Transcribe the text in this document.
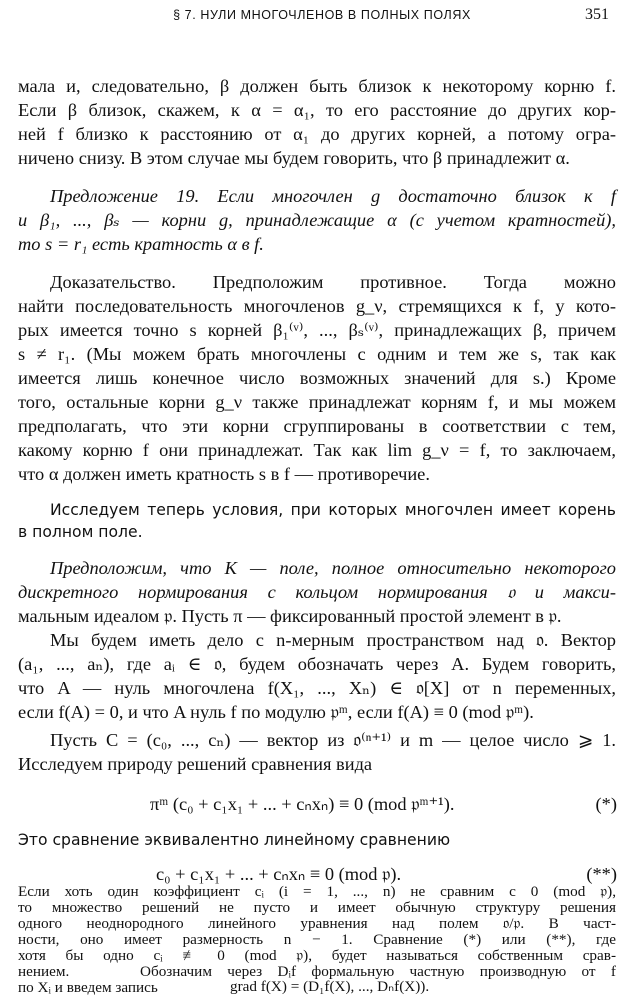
§ 7. НУЛИ МНОГОЧЛЕНОВ В ПОЛНЫХ ПОЛЯХ	351
мала и, следовательно, β должен быть близок к некоторому корню f.
Если β близок, скажем, к α = α₁, то его расстояние до других кор-
ней f близко к расстоянию от α₁ до других корней, а потому огра-
ничено снизу. В этом случае мы будем говорить, что β принадлежит α.
Предложение 19. Если многочлен g достаточно близок к f
и β₁, ..., βₛ — корни g, принадлежащие α (с учетом кратностей),
то s = r₁ есть кратность α в f.
Доказательство. Предположим противное. Тогда можно
найти последовательность многочленов g_ν, стремящихся к f, у кото-
рых имеется точно s корней β₁⁽ᵛ⁾, ..., βₛ⁽ᵛ⁾, принадлежащих β, причем
s ≠ r₁. (Мы можем брать многочлены с одним и тем же s, так как
имеется лишь конечное число возможных значений для s.) Кроме
того, остальные корни g_ν также принадлежат корням f, и мы можем
предполагать, что эти корни сгруппированы в соответствии с тем,
какому корню f они принадлежат. Так как lim g_ν = f, то заключаем,
что α должен иметь кратность s в f — противоречие.
Исследуем теперь условия, при которых многочлен имеет корень
в полном поле.
Предположим, что K — поле, полное относительно некоторого
дискретного нормирования с кольцом нормирования 𝔬 и макси-
мальным идеалом 𝔭. Пусть π — фиксированный простой элемент в 𝔭.
Мы будем иметь дело с n-мерным пространством над 𝔬. Вектор
(a₁, ..., aₙ), где aᵢ ∈ 𝔬, будем обозначать через A. Будем говорить,
что A — нуль многочлена f(X₁, ..., Xₙ) ∈ 𝔬[X] от n переменных,
если f(A) = 0, и что A нуль f по модулю 𝔭ᵐ, если f(A) ≡ 0 (mod 𝔭ᵐ).
Пусть C = (c₀, ..., cₙ) — вектор из 𝔬⁽ⁿ⁺¹⁾ и m — целое число ⩾ 1.
Исследуем природу решений сравнения вида
πᵐ (c₀ + c₁x₁ + ... + cₙxₙ) ≡ 0 (mod 𝔭ᵐ⁺¹).	(*)
Это сравнение эквивалентно линейному сравнению
c₀ + c₁x₁ + ... + cₙxₙ ≡ 0 (mod 𝔭).	(**)
Если хоть один коэффициент cᵢ (i = 1, ..., n) не сравним с 0 (mod 𝔭),
то множество решений не пусто и имеет обычную структуру решения
одного неоднородного линейного уравнения над полем 𝔬/𝔭. В част-
ности, оно имеет размерность n − 1. Сравнение (*) или (**), где
хотя бы одно cᵢ ≢ 0 (mod 𝔭), будет называться собственным срав-
нением.	Обозначим через Dᵢf формальную частную производную от f
по Xᵢ и введем запись	grad f(X) = (D₁f(X), ..., Dₙf(X)).
